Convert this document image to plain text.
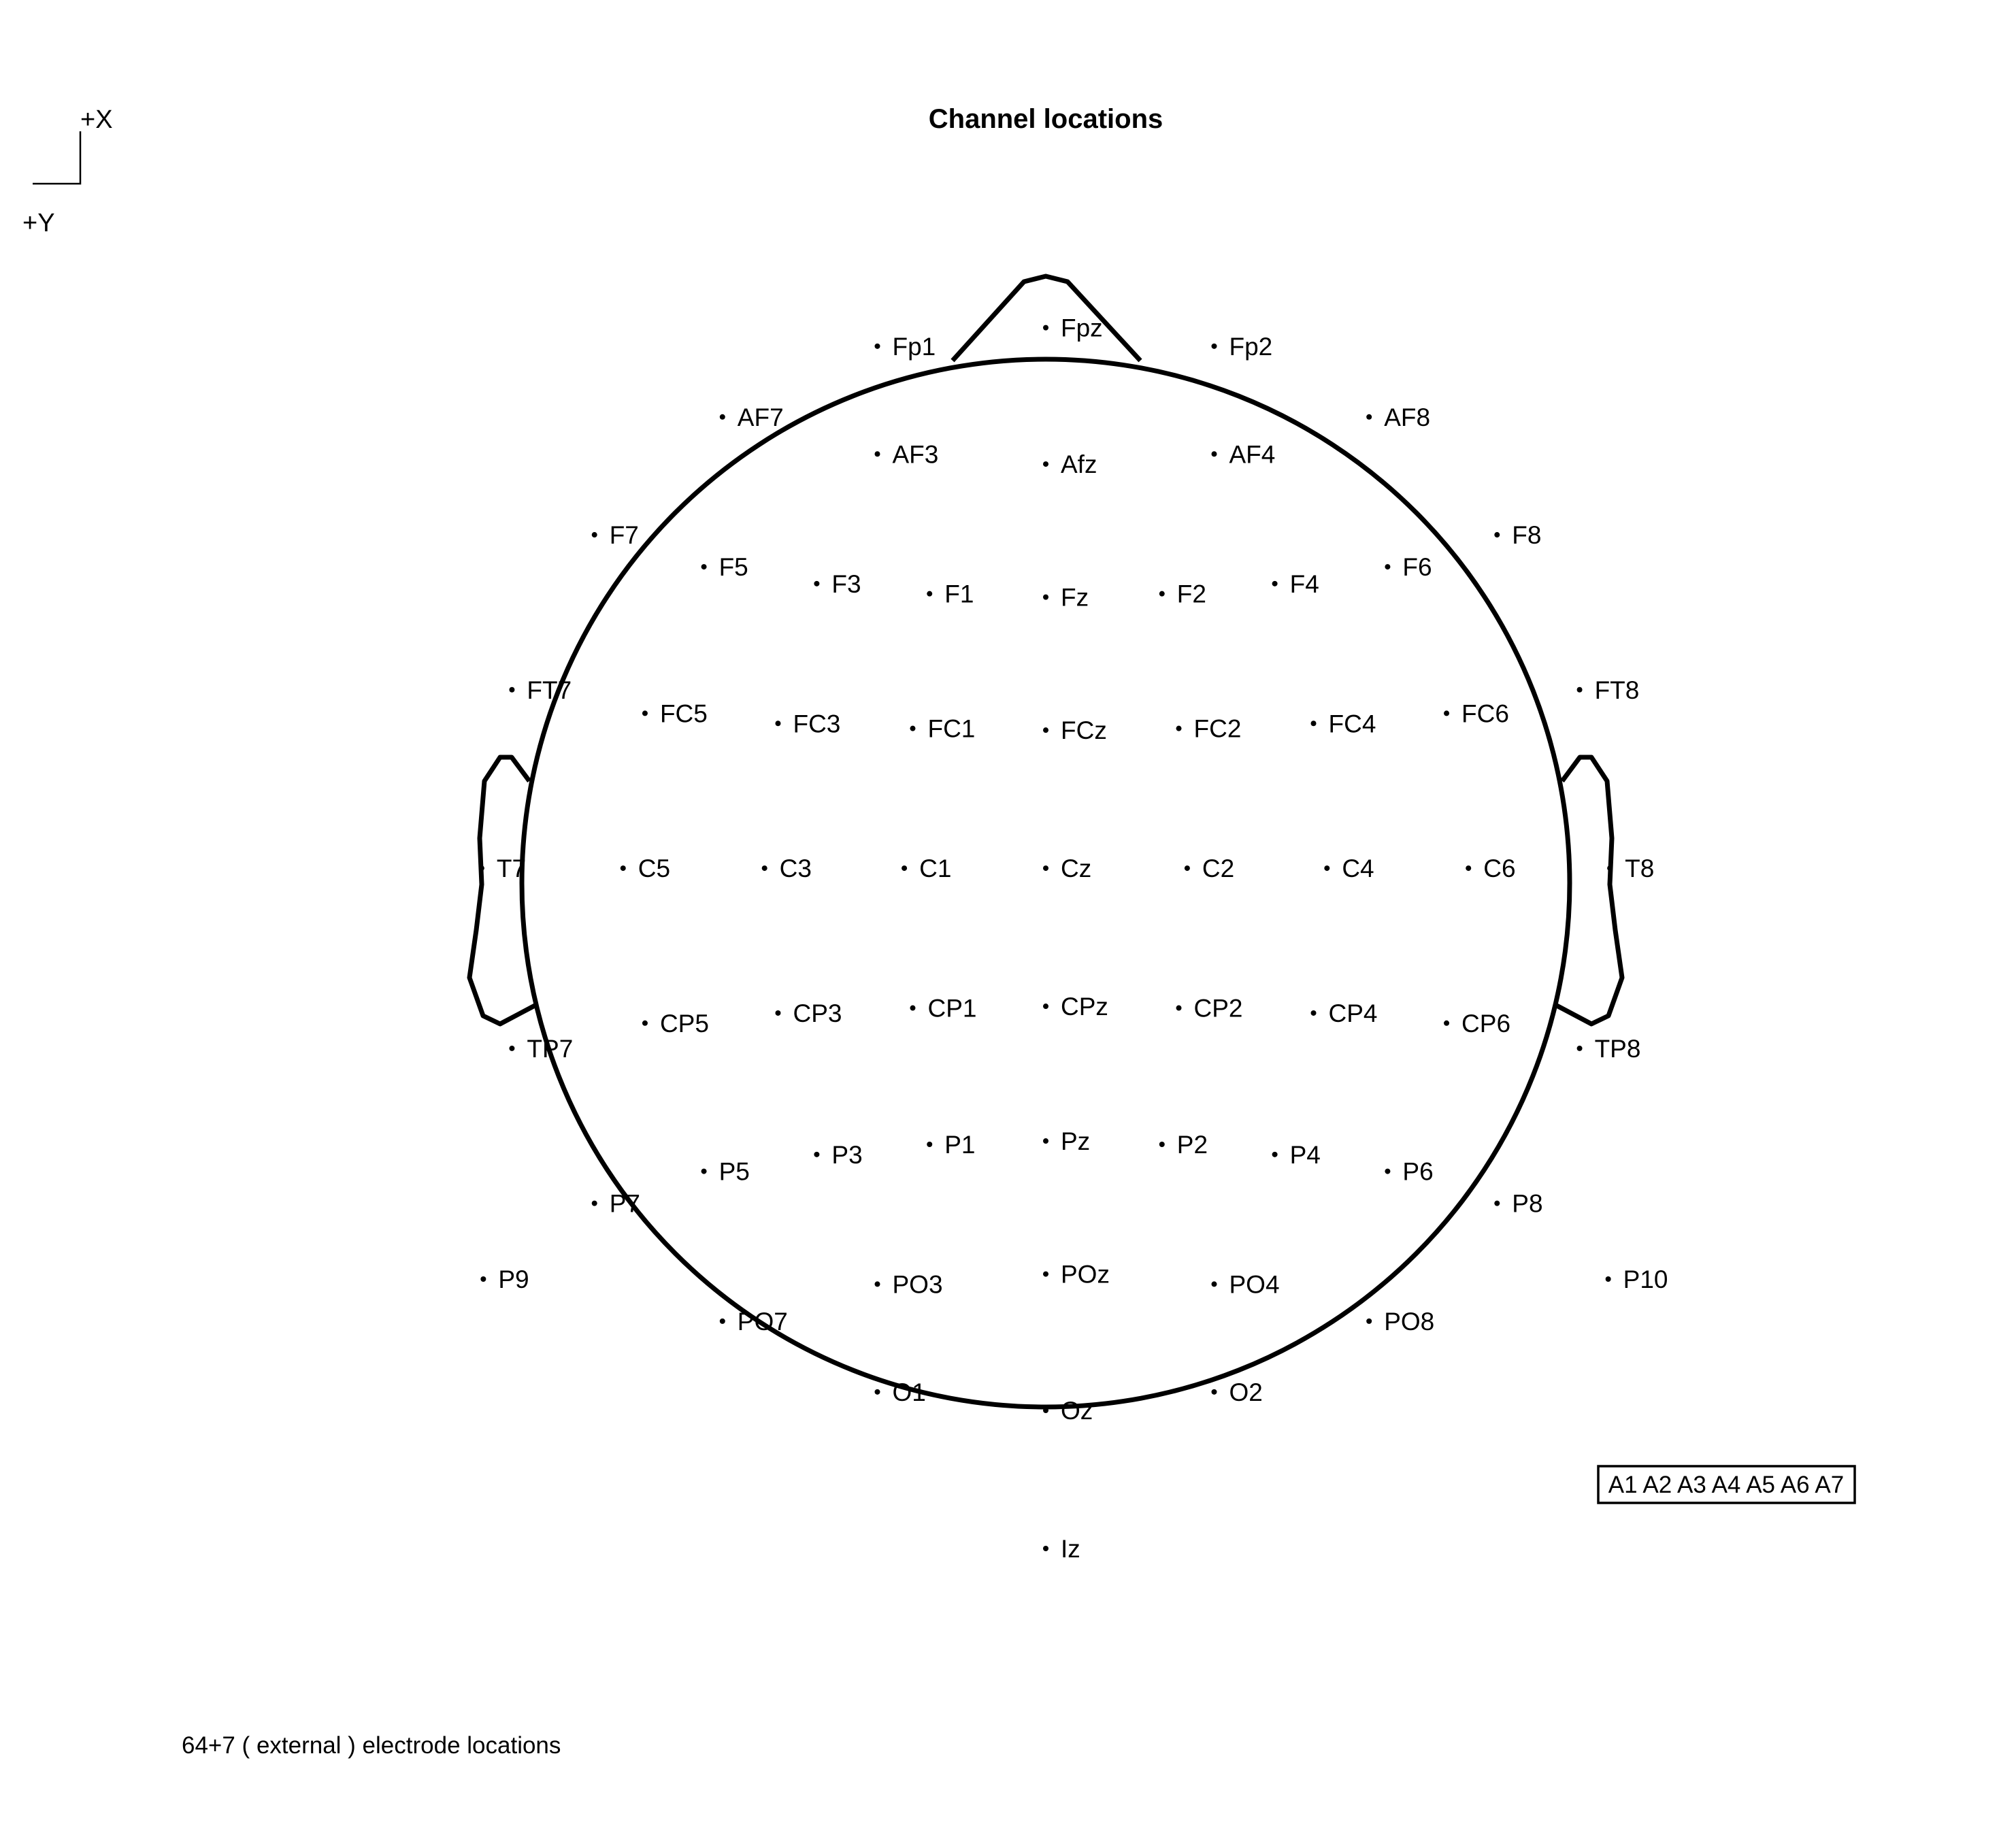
+X
+Y
Channel locations
Fp1
Fpz
Fp2
AF7
AF3	Afz	AF4
AF8
F7
F5
F3	F1	Fz	F2	F4
F6
F8
FT7
FC5	FC3	FC1	FCz	FC2	FC4	FC6
FT8
T7	C5	C3	C1	Cz	C2	C4	C6	T8
TP7
CP5	CP3	CP1	CPz	CP2	CP4	CP6
TP8
P9
P7
P5
P3	P1	Pz	P2	P4
P6
P8
P10
PO7
PO3	POz	PO4
PO8
O1
Oz
O2
Iz
A1 A2 A3 A4 A5 A6 A7
64+7 ( external ) electrode locations
